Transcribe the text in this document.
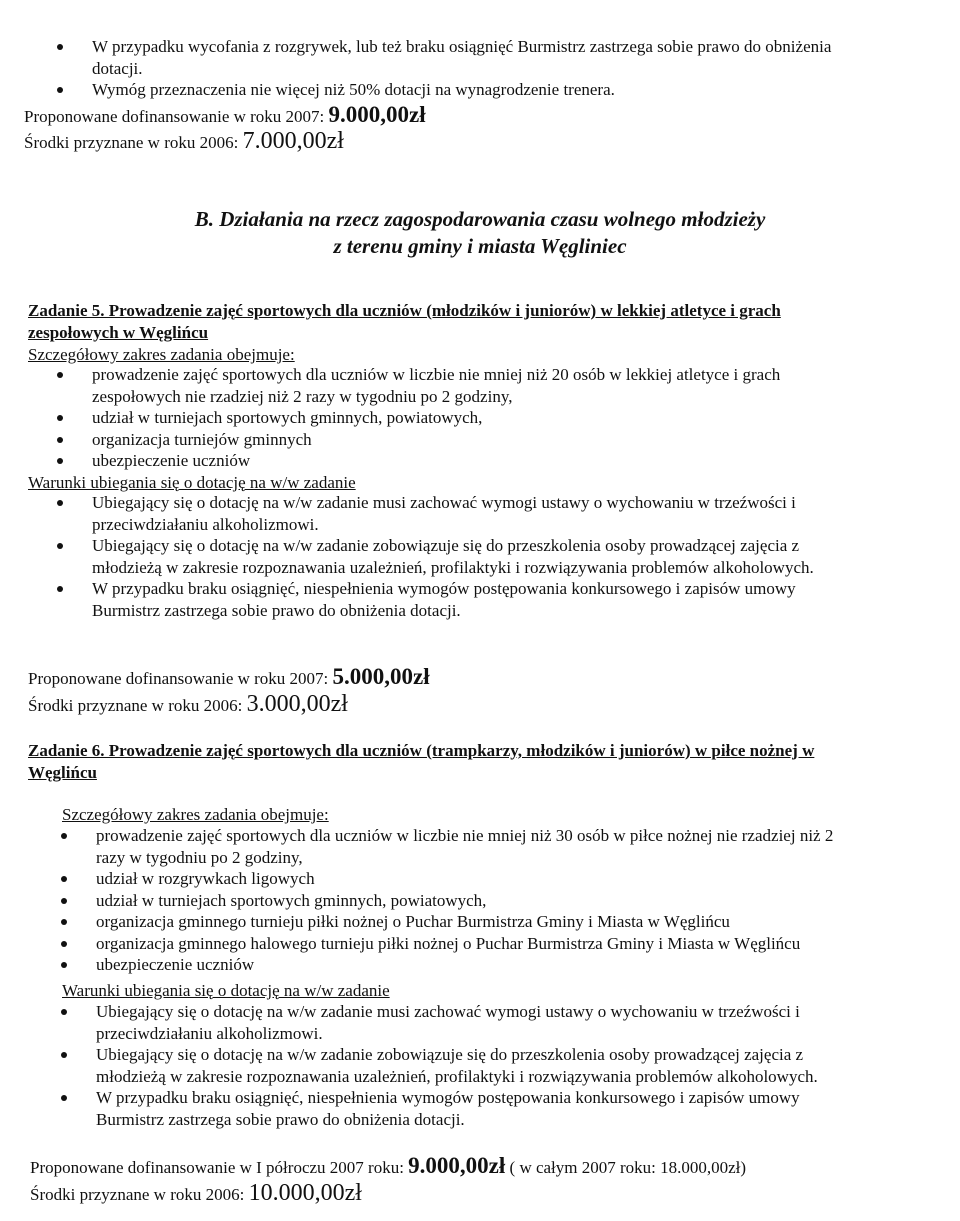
W przypadku wycofania z rozgrywek, lub też braku osiągnięć Burmistrz zastrzega sobie prawo do obniżenia dotacji.
Wymóg przeznaczenia nie więcej niż 50% dotacji na wynagrodzenie trenera.
Proponowane dofinansowanie w roku 2007: 9.000,00zł
Środki przyznane w roku 2006: 7.000,00zł
B. Działania na rzecz zagospodarowania czasu wolnego młodzieży
z terenu gminy i miasta Węgliniec
Zadanie 5. Prowadzenie zajęć sportowych dla uczniów (młodzików i juniorów) w lekkiej atletyce i grach zespołowych w Węglińcu
Szczegółowy zakres zadania obejmuje:
prowadzenie zajęć sportowych dla uczniów w liczbie nie mniej niż 20 osób w lekkiej atletyce i grach zespołowych nie rzadziej niż 2 razy w tygodniu po 2 godziny,
udział w turniejach sportowych gminnych, powiatowych,
organizacja turniejów gminnych
ubezpieczenie uczniów
Warunki ubiegania się o dotację na w/w zadanie
Ubiegający się o dotację na w/w zadanie musi zachować wymogi ustawy o wychowaniu w trzeźwości i przeciwdziałaniu alkoholizmowi.
Ubiegający się o dotację na w/w zadanie zobowiązuje się do przeszkolenia osoby prowadzącej zajęcia z młodzieżą w zakresie rozpoznawania uzależnień, profilaktyki i rozwiązywania problemów alkoholowych.
W przypadku braku osiągnięć, niespełnienia wymogów postępowania konkursowego i zapisów umowy Burmistrz zastrzega sobie prawo do obniżenia dotacji.
Proponowane dofinansowanie w roku 2007: 5.000,00zł
Środki przyznane w roku 2006: 3.000,00zł
Zadanie 6. Prowadzenie zajęć sportowych dla uczniów (trampkarzy, młodzików i juniorów) w piłce nożnej w Węglińcu
Szczegółowy zakres zadania obejmuje:
prowadzenie zajęć sportowych dla uczniów w liczbie nie mniej niż 30 osób w piłce nożnej nie rzadziej niż 2 razy w tygodniu po 2 godziny,
udział w rozgrywkach ligowych
udział w turniejach sportowych gminnych, powiatowych,
organizacja gminnego turnieju piłki nożnej o Puchar Burmistrza Gminy i Miasta w Węglińcu
organizacja gminnego halowego turnieju piłki nożnej o Puchar Burmistrza Gminy i Miasta w Węglińcu
ubezpieczenie uczniów
Warunki ubiegania się o dotację na w/w zadanie
Ubiegający się o dotację na w/w zadanie musi zachować wymogi ustawy o wychowaniu w trzeźwości i przeciwdziałaniu alkoholizmowi.
Ubiegający się o dotację na w/w zadanie zobowiązuje się do przeszkolenia osoby prowadzącej zajęcia z młodzieżą w zakresie rozpoznawania uzależnień, profilaktyki i rozwiązywania problemów alkoholowych.
W przypadku braku osiągnięć, niespełnienia wymogów postępowania konkursowego i zapisów umowy Burmistrz zastrzega sobie prawo do obniżenia dotacji.
Proponowane dofinansowanie w I półroczu 2007 roku: 9.000,00zł ( w całym 2007 roku: 18.000,00zł)
Środki przyznane w roku 2006: 10.000,00zł
